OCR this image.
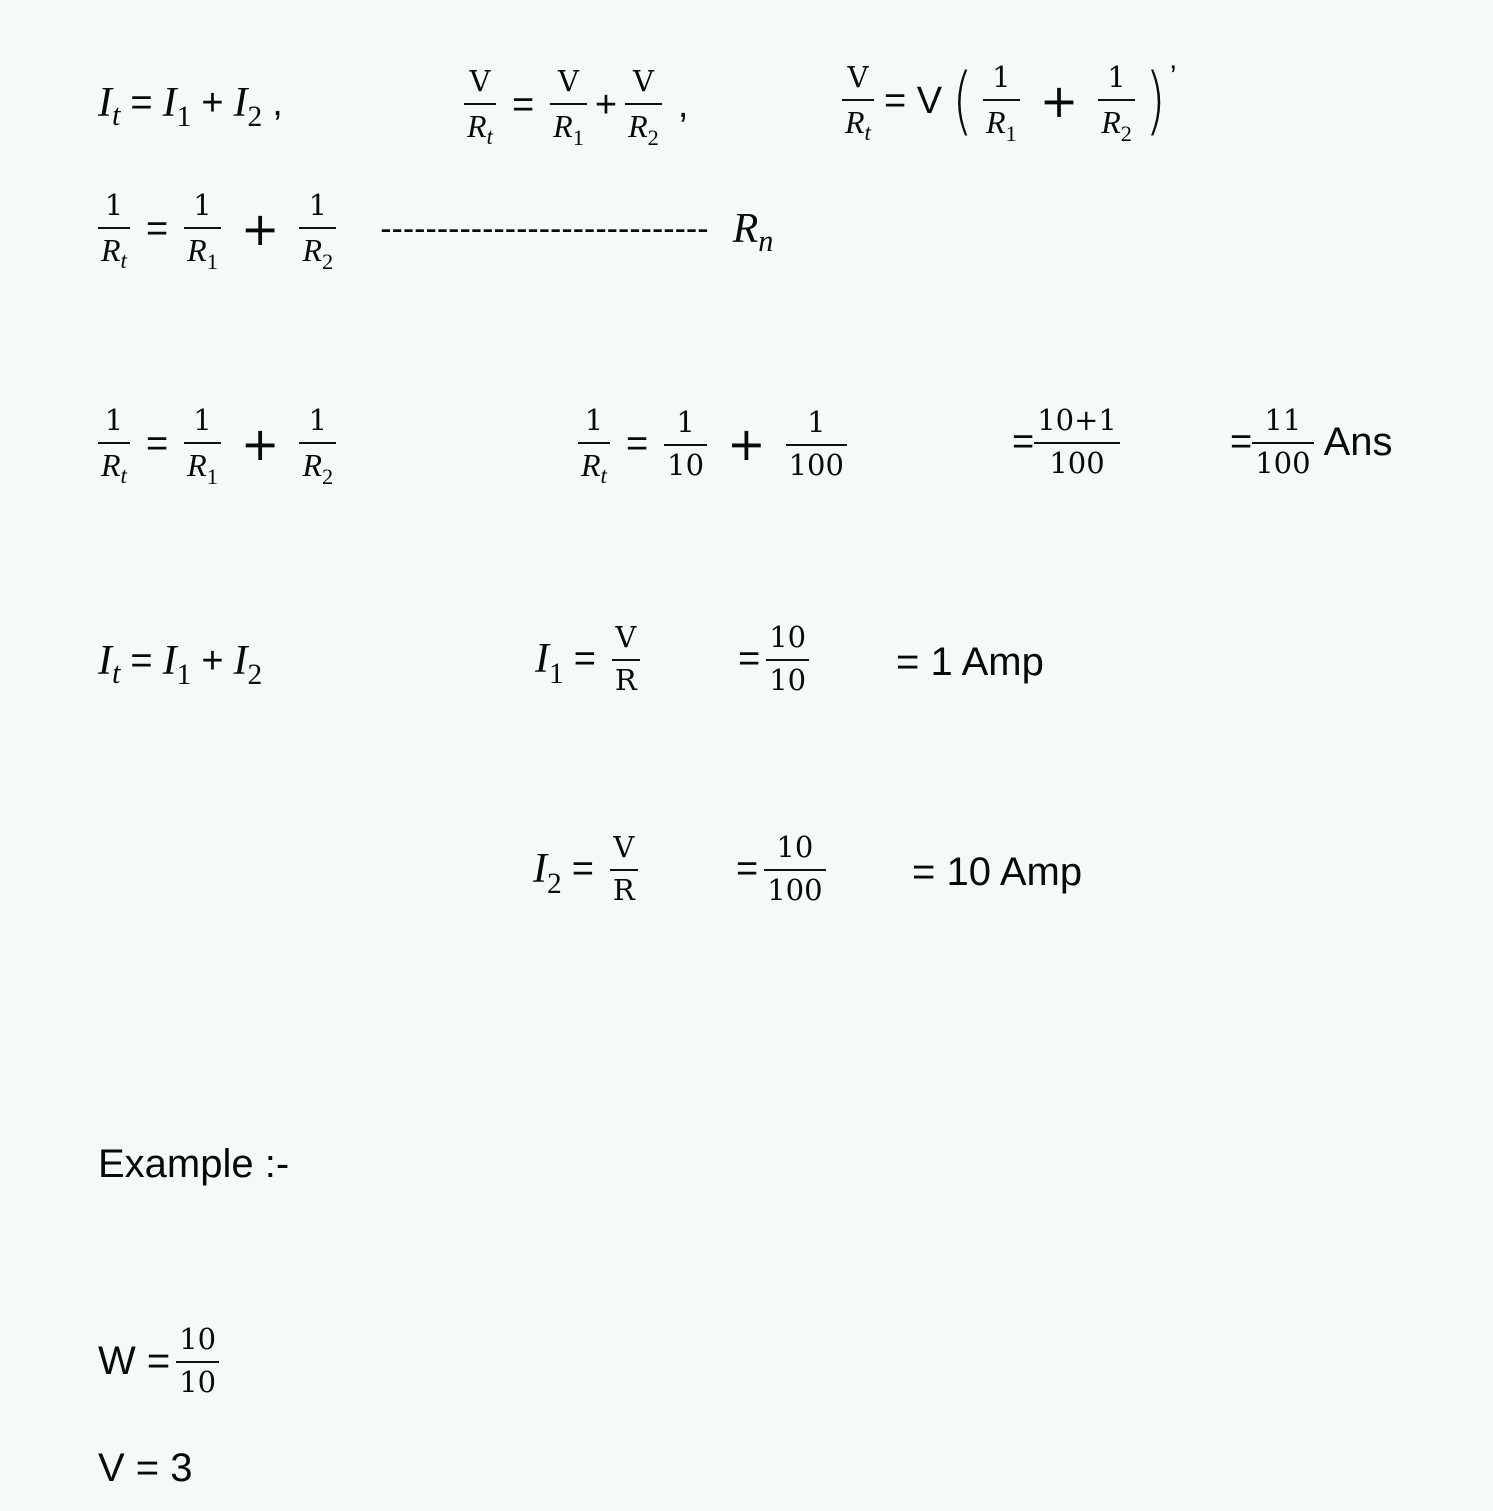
$I_t = I_1 + I_2$ ,	$\frac{V}{R_t} = \frac{V}{R_1} + \frac{V}{R_2}$ ,	$\frac{V}{R_t} = V$ ( $\frac{1}{R_1} + \frac{1}{R_2}$ ) ’
$\frac{1}{R_t} = \frac{1}{R_1} + \frac{1}{R_2}$ ----------------------------- $R_n$
$\frac{1}{R_t} = \frac{1}{R_1} + \frac{1}{R_2}$	$\frac{1}{R_t} = \frac{1}{10} + \frac{1}{100}$	= $\frac{10+1}{100}$	= $\frac{11}{100}$ Ans
$I_t = I_1 + I_2$	$I_1 = \frac{V}{R}$	= $\frac{10}{10} = 1$ Amp
$I_2 = \frac{V}{R}$	= $\frac{10}{100} = 10$ Amp
Example :-
$W = \frac{10}{10}$
V = 3
